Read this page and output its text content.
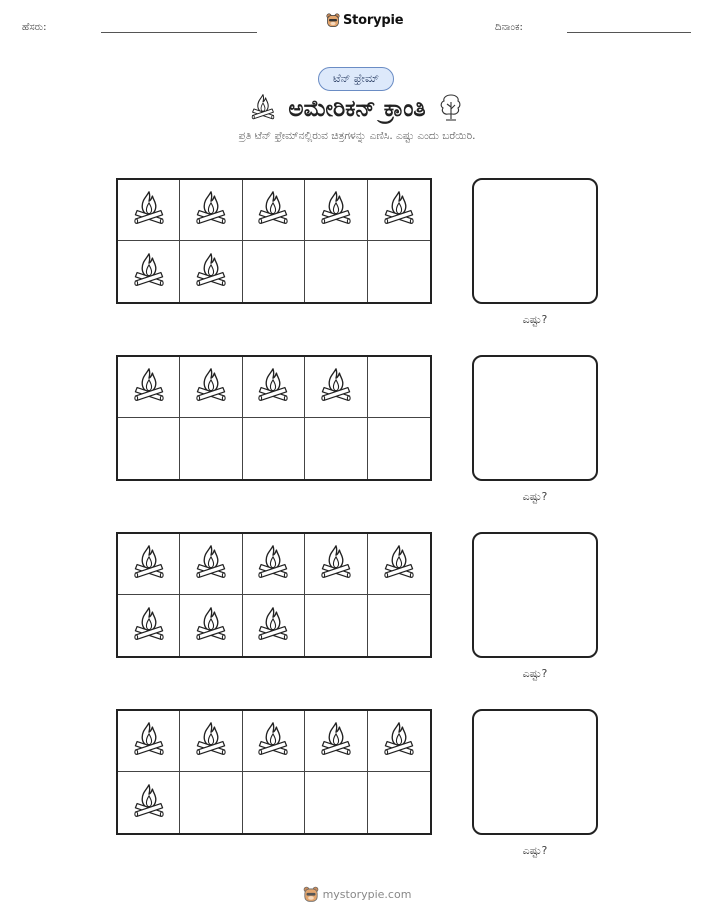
ಹೆಸರು:	Storypie	ದಿನಾಂಕ:
ಟೆನ್ ಫ್ರೇಮ್
ಅಮೇರಿಕನ್ ಕ್ರಾಂತಿ
ಪ್ರತಿ ಟೆನ್ ಫ್ರೇಮ್‌ನಲ್ಲಿರುವ ಚಿತ್ರಗಳನ್ನು ಎಣಿಸಿ. ಎಷ್ಟು ಎಂದು ಬರೆಯಿರಿ.
ಎಷ್ಟು?
ಎಷ್ಟು?
ಎಷ್ಟು?
ಎಷ್ಟು?
mystorypie.com
